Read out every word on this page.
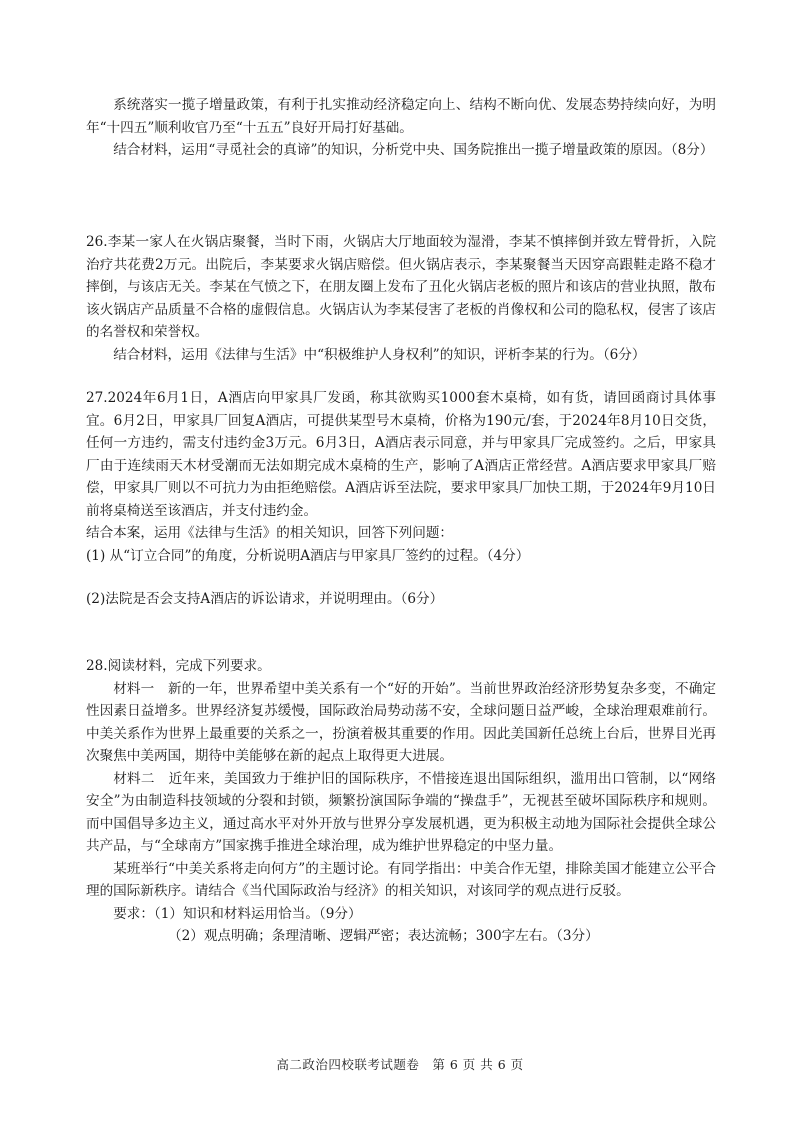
系统落实一揽子增量政策，有利于扎实推动经济稳定向上、结构不断向优、发展态势持续向好，为明年“十四五”顺利收官乃至“十五五”良好开局打好基础。

结合材料，运用“寻觅社会的真谛”的知识，分析党中央、国务院推出一揽子增量政策的原因。（8分）

26.李某一家人在火锅店聚餐，当时下雨，火锅店大厅地面较为湿滑，李某不慎摔倒并致左臂骨折，入院治疗共花费2万元。出院后，李某要求火锅店赔偿。但火锅店表示，李某聚餐当天因穿高跟鞋走路不稳才摔倒，与该店无关。李某在气愤之下，在朋友圈上发布了丑化火锅店老板的照片和该店的营业执照，散布该火锅店产品质量不合格的虚假信息。火锅店认为李某侵害了老板的肖像权和公司的隐私权，侵害了该店的名誉权和荣誉权。

结合材料，运用《法律与生活》中“积极维护人身权利”的知识，评析李某的行为。（6分）

27.2024年6月1日，A酒店向甲家具厂发函，称其欲购买1000套木桌椅，如有货，请回函商讨具体事宜。6月2日，甲家具厂回复A酒店，可提供某型号木桌椅，价格为190元/套，于2024年8月10日交货，任何一方违约，需支付违约金3万元。6月3日，A酒店表示同意，并与甲家具厂完成签约。之后，甲家具厂由于连续雨天木材受潮而无法如期完成木桌椅的生产，影响了A酒店正常经营。A酒店要求甲家具厂赔偿，甲家具厂则以不可抗力为由拒绝赔偿。A酒店诉至法院，要求甲家具厂加快工期，于2024年9月10日前将桌椅送至该酒店，并支付违约金。

结合本案，运用《法律与生活》的相关知识，回答下列问题：

(1) 从“订立合同”的角度，分析说明A酒店与甲家具厂签约的过程。（4分）

(2)法院是否会支持A酒店的诉讼请求，并说明理由。（6分）

28.阅读材料，完成下列要求。

材料一　新的一年，世界希望中美关系有一个“好的开始”。当前世界政治经济形势复杂多变，不确定性因素日益增多。世界经济复苏缓慢，国际政治局势动荡不安，全球问题日益严峻，全球治理艰难前行。中美关系作为世界上最重要的关系之一，扮演着极其重要的作用。因此美国新任总统上台后，世界目光再次聚焦中美两国，期待中美能够在新的起点上取得更大进展。

材料二　近年来，美国致力于维护旧的国际秩序，不惜接连退出国际组织，滥用出口管制，以“网络安全”为由制造科技领域的分裂和封锁，频繁扮演国际争端的“操盘手”，无视甚至破坏国际秩序和规则。而中国倡导多边主义，通过高水平对外开放与世界分享发展机遇，更为积极主动地为国际社会提供全球公共产品，与“全球南方”国家携手推进全球治理，成为维护世界稳定的中坚力量。

某班举行“中美关系将走向何方”的主题讨论。有同学指出：中美合作无望，排除美国才能建立公平合理的国际新秩序。请结合《当代国际政治与经济》的相关知识，对该同学的观点进行反驳。

要求：（1）知识和材料运用恰当。（9分）

（2）观点明确；条理清晰、逻辑严密；表达流畅；300字左右。（3分）

高二政治四校联考试题卷　第 6 页 共 6 页
